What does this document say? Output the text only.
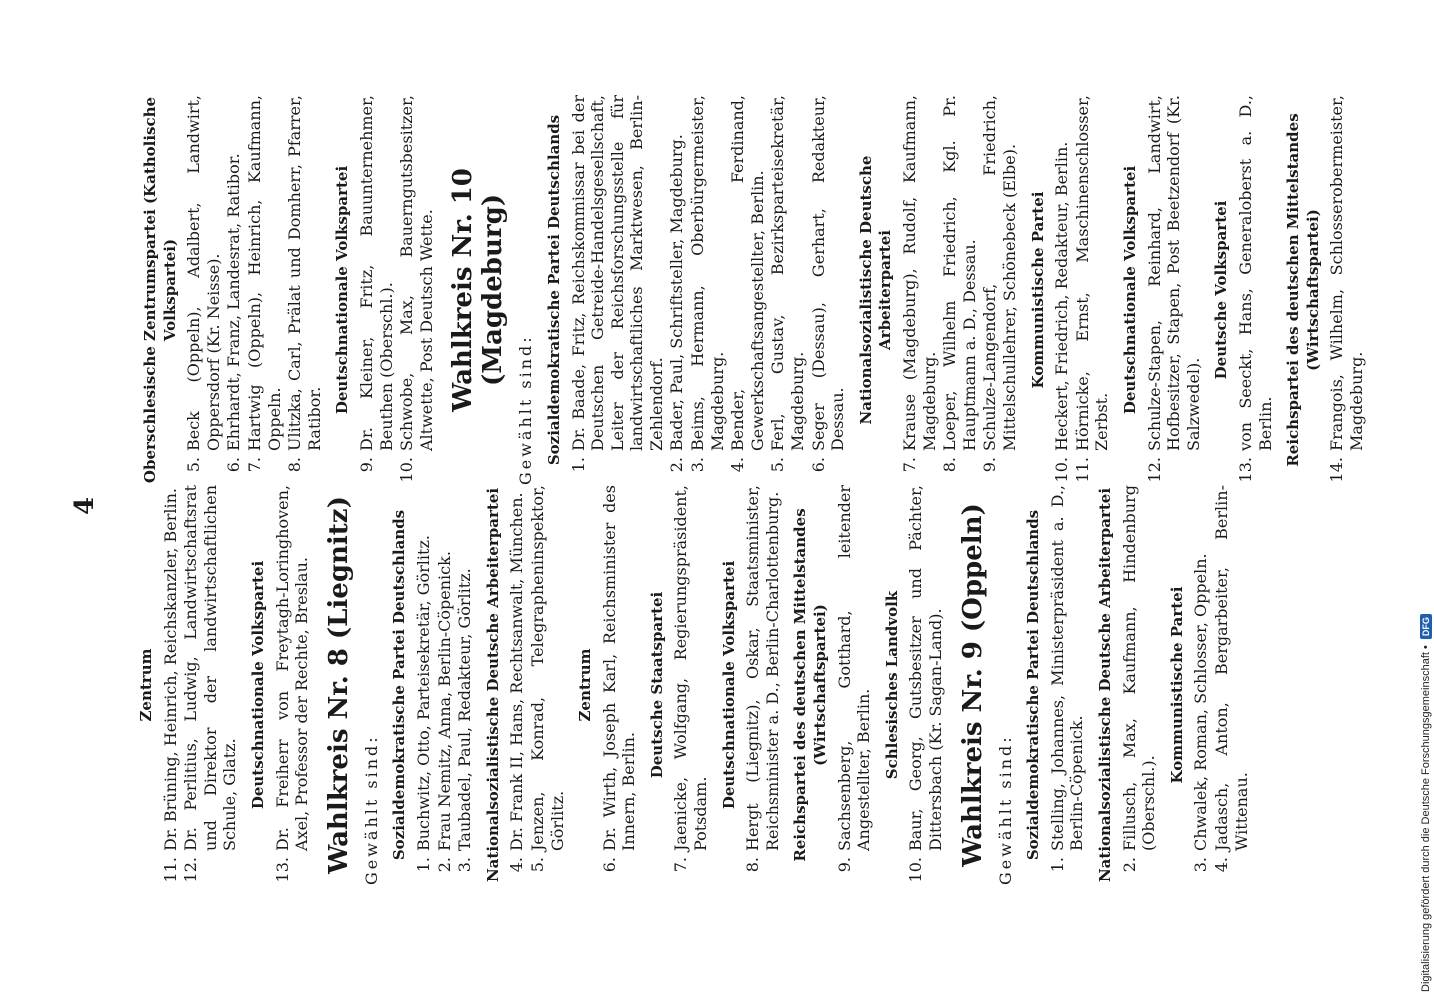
4
Zentrum
11.
Dr. Brüning, Heinrich, Reichskanzler, Berlin.
12.
Dr. Perlitius, Ludwig, Landwirtschaftsrat und Direktor der landwirtschaftlichen Schule, Glatz. Deutschnationale Volkspartei
13.
Dr. Freiherr von Freytagh-Loringhoven, Axel, Professor der Rechte, Breslau. Wahlkreis Nr. 8 (Liegnitz) Gewählt sind: Sozialdemokratische Partei Deutschlands
1.
Buchwitz, Otto, Parteisekretär, Görlitz.
2.
Frau Nemitz, Anna, Berlin-Cöpenick.
3.
Taubadel, Paul, Redakteur, Görlitz. Nationalsozialistische Deutsche Arbeiterpartei 4.
Dr. Frank II, Hans, Rechtsanwalt, München.
5.
Jenzen, Konrad, Telegrapheninspektor, Görlitz.
Zentrum
6.
Dr. Wirth, Joseph Karl, Reichsminister des Innern, Berlin.
Deutsche Staatspartei
7.
Jaenicke, Wolfgang, Regierungspräsident, Potsdam.
Deutschnationale Volkspartei
8.
Hergt (Liegnitz), Oskar, Staatsminister, Reichsminister a. D., Berlin-Charlottenburg. Reichspartei des deutschen Mittelstandes (Wirtschaftspartei)
9.
Sachsenberg, Gotthard, leitender Angestellter, Berlin. Schlesisches Landvolk
10.
Baur, Georg, Gutsbesitzer und Pächter, Dittersbach (Kr. Sagan-Land). Wahlkreis Nr. 9 (Oppeln) Gewählt sind: Sozialdemokratische Partei Deutschlands
1.
Stelling, Johannes, Ministerpräsident a. D., Berlin-Cöpenick. Nationalsozialistische Deutsche Arbeiterpartei 2.
Fillusch, Max, Kaufmann, Hindenburg (Oberschl.).
Kommunistische Partei
3.
Chwalek, Roman, Schlosser, Oppeln.
4.
Jadasch, Anton, Bergarbeiter, Berlin-Wittenau.
Oberschlesische Zentrumspartei (Katholische Volkspartei)
5.
Beck (Oppeln), Adalbert, Landwirt, Oppersdorf (Kr. Neisse).
6.
Ehrhardt, Franz, Landesrat, Ratibor.
7.
Hartwig (Oppeln), Heinrich, Kaufmann, Oppeln.
8.
Ulitzka, Carl, Prälat und Domherr, Pfarrer, Ratibor.
Deutschnationale Volkspartei
9.
Dr. Kleiner, Fritz, Bauunternehmer, Beuthen (Oberschl.).
10.
Schwobe, Max, Bauerngutsbesitzer, Altwette, Post Deutsch Wette. Wahlkreis Nr. 10 (Magdeburg)
Gewählt sind: Sozialdemokratische Partei Deutschlands 1.
Dr. Baade, Fritz, Reichskommissar bei der Deutschen Getreide-Handelsgesellschaft, Leiter der Reichsforschungsstelle für landwirtschaftliches Marktwesen, Berlin-Zehlendorf.
2.
Bader, Paul, Schriftsteller, Magdeburg.
3.
Beims, Hermann, Oberbürgermeister, Magdeburg.
4.
Bender, Ferdinand, Gewerkschaftsangestellter, Berlin.
5.
Ferl, Gustav, Bezirksparteisekretär, Magdeburg.
6.
Seger (Dessau), Gerhart, Redakteur, Dessau. Nationalsozialistische Deutsche Arbeiterpartei
7.
Krause (Magdeburg), Rudolf, Kaufmann, Magdeburg.
8.
Loeper, Wilhelm Friedrich, Kgl. Pr. Hauptmann a. D., Dessau.
9.
Schulze-Langendorf, Friedrich, Mittelschullehrer, Schönebeck (Elbe). Kommunistische Partei
10.
Heckert, Friedrich, Redakteur, Berlin.
11.
Hörnicke, Ernst, Maschinenschlosser, Zerbst.
Deutschnationale Volkspartei
12.
Schulze-Stapen, Reinhard, Landwirt, Hofbesitzer, Stapen, Post Beetzendorf (Kr. Salzwedel).
Deutsche Volkspartei
13.
von Seeckt, Hans, Generaloberst a. D., Berlin. Reichspartei des deutschen Mittelstandes (Wirtschaftspartei)
14.
Frangois, Wilhelm, Schlosserobermeister, Magdeburg.
Digitalisierung gefördert durch die Deutsche Forschungsgemeinschaft •
DFG
